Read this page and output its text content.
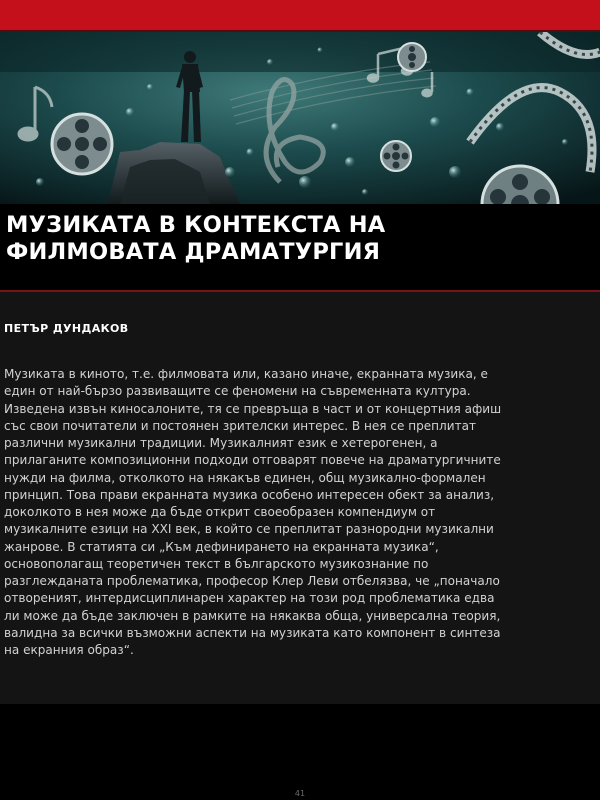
МУЗИКАТА В КОНТЕКСТА НА
ФИЛМОВАТА ДРАМАТУРГИЯ

ПЕТЪР ДУНДАКОВ

Музиката в киното, т.е. филмовата или, казано иначе, екранната музика, е
един от най-бързо развиващите се феномени на съвременната култура.
Изведена извън киносалоните, тя се превръща в част и от концертния афиш
със свои почитатели и постоянен зрителски интерес. В нея се преплитат
различни музикални традиции. Музикалният език е хетерогенен, а
прилаганите композиционни подходи отговарят повече на драматургичните
нужди на филма, отколкото на някакъв единен, общ музикално-формален
принцип. Това прави екранната музика особено интересен обект за анализ,
доколкото в нея може да бъде открит своеобразен компендиум от
музикалните езици на XXI век, в който се преплитат разнородни музикални
жанрове. В статията си „Към дефинирането на екранната музика“,
основополагащ теоретичен текст в българското музикознание по
разглежданата проблематика, професор Клер Леви отбелязва, че „поначало
отвореният, интердисциплинарен характер на този род проблематика едва
ли може да бъде заключен в рамките на някаква обща, универсална теория,
валидна за всички възможни аспекти на музиката като компонент в синтеза
на екранния образ“.

41
